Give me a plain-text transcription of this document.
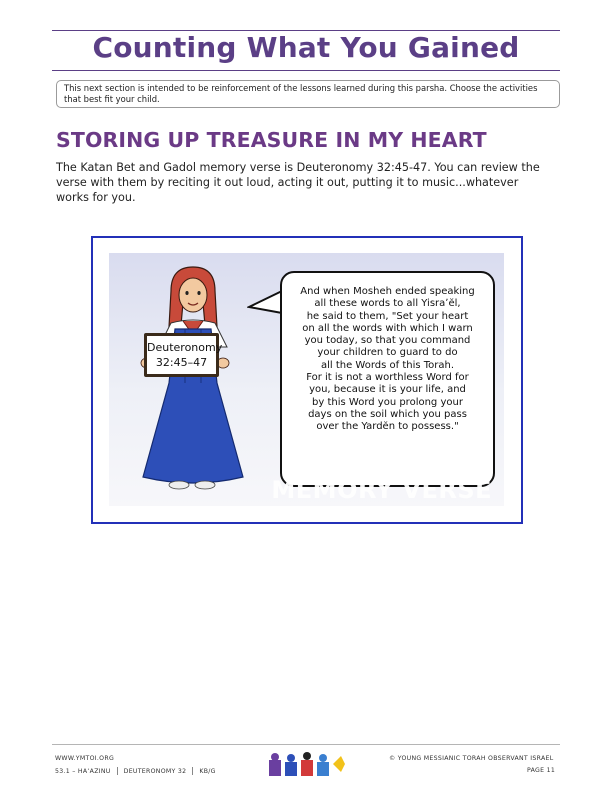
Counting What You Gained
This next section is intended to be reinforcement of the lessons learned during this parsha. Choose the activities that best fit your child.
STORING UP TREASURE IN MY HEART
The Katan Bet and Gadol memory verse is Deuteronomy 32:45-47. You can review the verse with them by reciting it out loud, acting it out, putting it to music...whatever works for you.
Deuteronomy
32:45–47
And when Mosheh ended speaking
all these words to all Yisraʼĕl,
he said to them, "Set your heart
on all the words with which I warn
you today, so that you command
your children to guard to do
all the Words of this Torah.
For it is not a worthless Word for
you, because it is your life, and
by this Word you prolong your
days on the soil which you pass
over the Yardĕn to possess."
MEMORY VERSE
WWW.YMTOI.ORG
53.1 – HAʼAZINU DEUTERONOMY 32 KB/G
© YOUNG MESSIANIC TORAH OBSERVANT ISRAEL
PAGE 11
